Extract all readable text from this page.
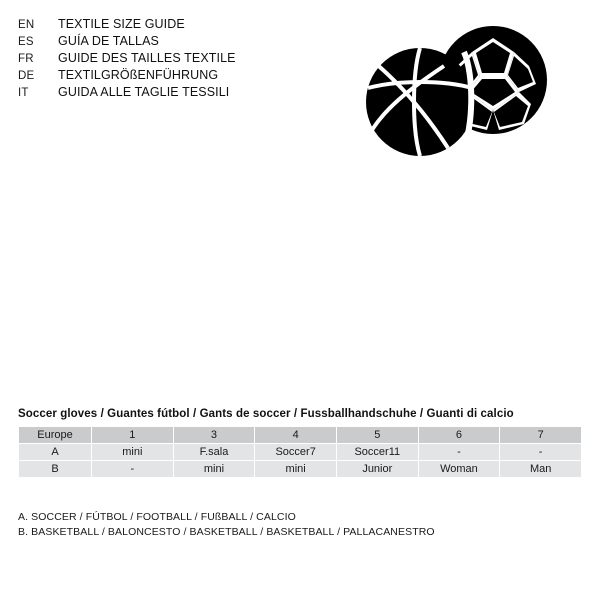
EN	TEXTILE SIZE GUIDE
ES	GUÍA DE TALLAS
FR	GUIDE DES TAILLES TEXTILE
DE	TEXTILGRÖßENFÜHRUNG
IT	GUIDA ALLE TAGLIE TESSILI
Soccer gloves / Guantes fútbol / Gants de soccer / Fussballhandschuhe / Guanti di calcio
Europe	1	3	4	5	6	7
A	mini	F.sala	Soccer7	Soccer11	-	-
B	-	mini	mini	Junior	Woman	Man
A. SOCCER / FÚTBOL / FOOTBALL / FUßBALL / CALCIO
B. BASKETBALL / BALONCESTO / BASKETBALL / BASKETBALL / PALLACANESTRO
